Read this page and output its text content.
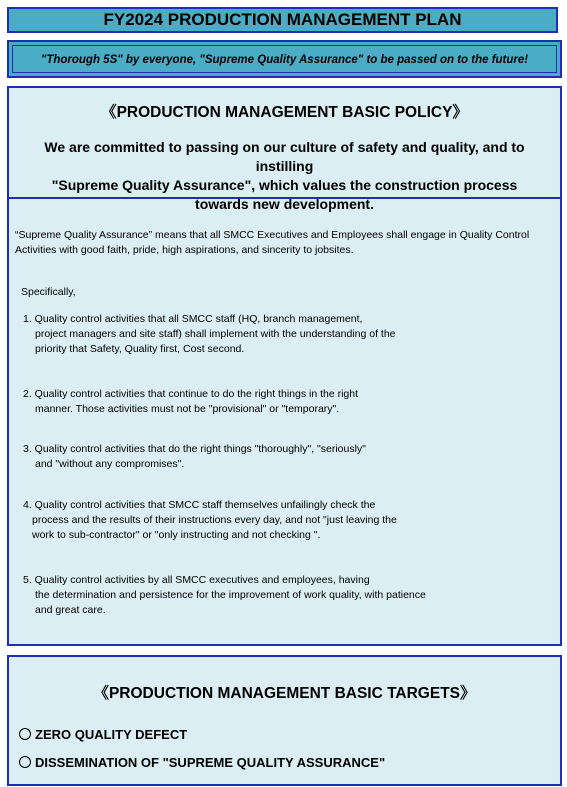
FY2024 PRODUCTION MANAGEMENT PLAN
"Thorough 5S" by everyone, "Supreme Quality Assurance" to be passed on to the future!
《PRODUCTION MANAGEMENT BASIC POLICY》
We are committed to passing on our culture of safety and quality, and to instilling
"Supreme Quality Assurance", which values the construction process
towards new development.
“Supreme Quality Assurance” means that all SMCC Executives and Employees shall engage in Quality Control
Activities with good faith, pride, high aspirations, and sincerity to jobsites.
Specifically,
1. Quality control activities that all SMCC staff (HQ, branch management,
project managers and site staff) shall implement with the understanding of the
priority that Safety, Quality first, Cost second.
2. Quality control activities that continue to do the right things in the right
manner. Those activities must not be "provisional" or "temporary".
3. Quality control activities that do the right things "thoroughly", "seriously"
and "without any compromises".
4. Quality control activities that SMCC staff themselves unfailingly check the
process and the results of their instructions every day, and not "just leaving the
work to sub-contractor" or "only instructing and not checking ".
5. Quality control activities by all SMCC executives and employees, having
the determination and persistence for the improvement of work quality, with patience
and great care.
《PRODUCTION MANAGEMENT BASIC TARGETS》
ZERO QUALITY DEFECT
DISSEMINATION OF "SUPREME QUALITY ASSURANCE"
